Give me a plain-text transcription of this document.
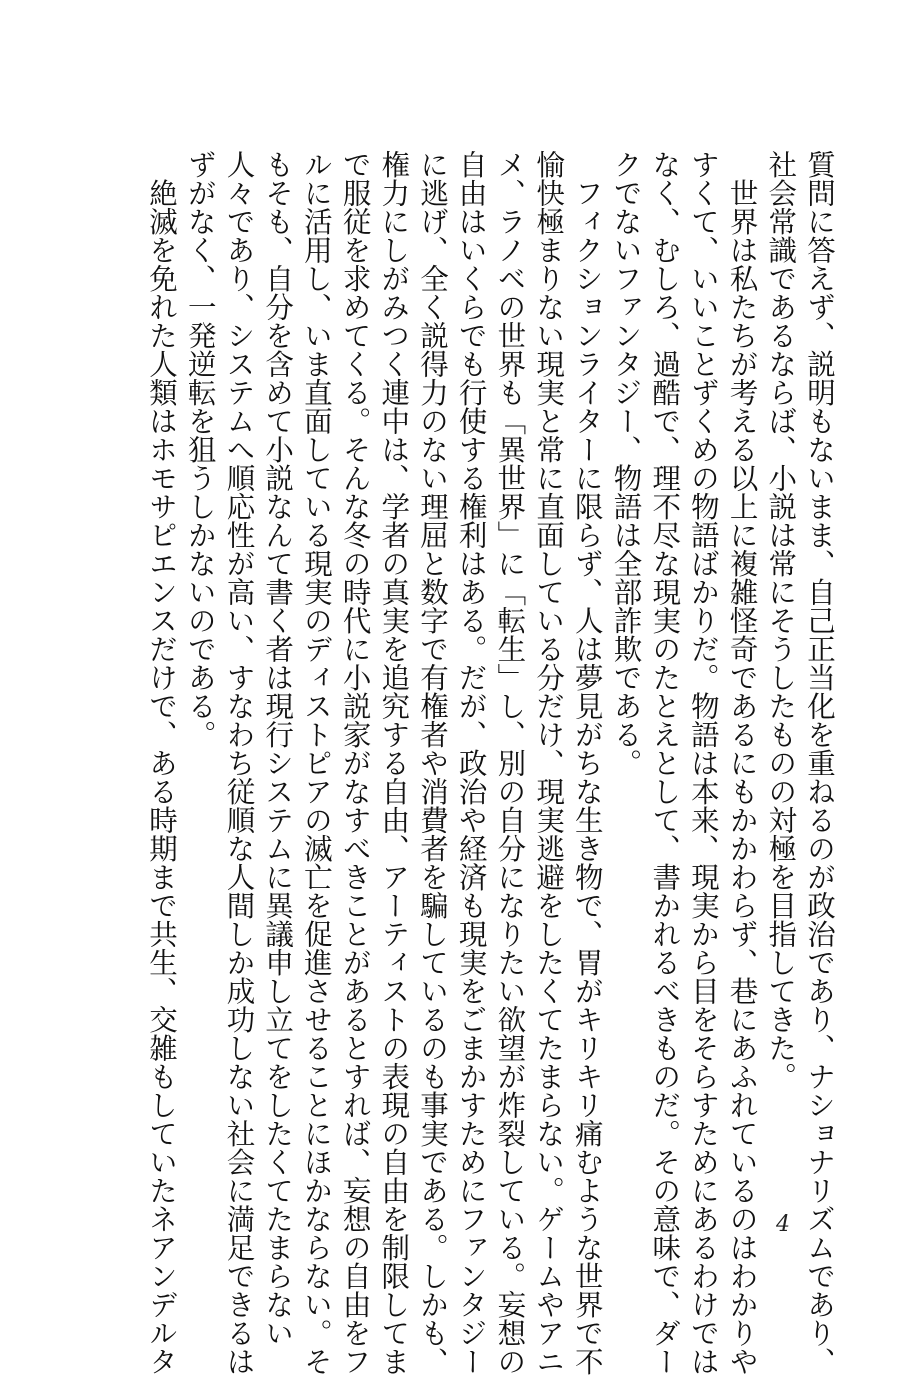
質問に答えず、説明もないまま、自己正当化を重ねるのが政治であり、ナショナリズムであり、

社会常識であるならば、小説は常にそうしたものの対極を目指してきた。

　世界は私たちが考える以上に複雑怪奇であるにもかかわらず、巷にあふれているのはわかりや

すくて、いいことずくめの物語ばかりだ。物語は本来、現実から目をそらすためにあるわけでは

なく、むしろ、過酷で、理不尽な現実のたとえとして、書かれるべきものだ。その意味で、ダー

クでないファンタジー、物語は全部詐欺である。

　フィクションライターに限らず、人は夢見がちな生き物で、胃がキリキリ痛むような世界で不

愉快極まりない現実と常に直面している分だけ、現実逃避をしたくてたまらない。ゲームやアニ

メ、ラノベの世界も「異世界」に「転生」し、別の自分になりたい欲望が炸裂している。妄想の

自由はいくらでも行使する権利はある。だが、政治や経済も現実をごまかすためにファンタジー

に逃げ、全く説得力のない理屈と数字で有権者や消費者を騙しているのも事実である。しかも、

権力にしがみつく連中は、学者の真実を追究する自由、アーティストの表現の自由を制限してま

で服従を求めてくる。そんな冬の時代に小説家がなすべきことがあるとすれば、妄想の自由をフ

ルに活用し、いま直面している現実のディストピアの滅亡を促進させることにほかならない。そ

もそも、自分を含めて小説なんて書く者は現行システムに異議申し立てをしたくてたまらない

人々であり、システムへ順応性が高い、すなわち従順な人間しか成功しない社会に満足できるは

ずがなく、一発逆転を狙うしかないのである。

　絶滅を免れた人類はホモサピエンスだけで、ある時期まで共生、交雑もしていたネアンデルタ	4
